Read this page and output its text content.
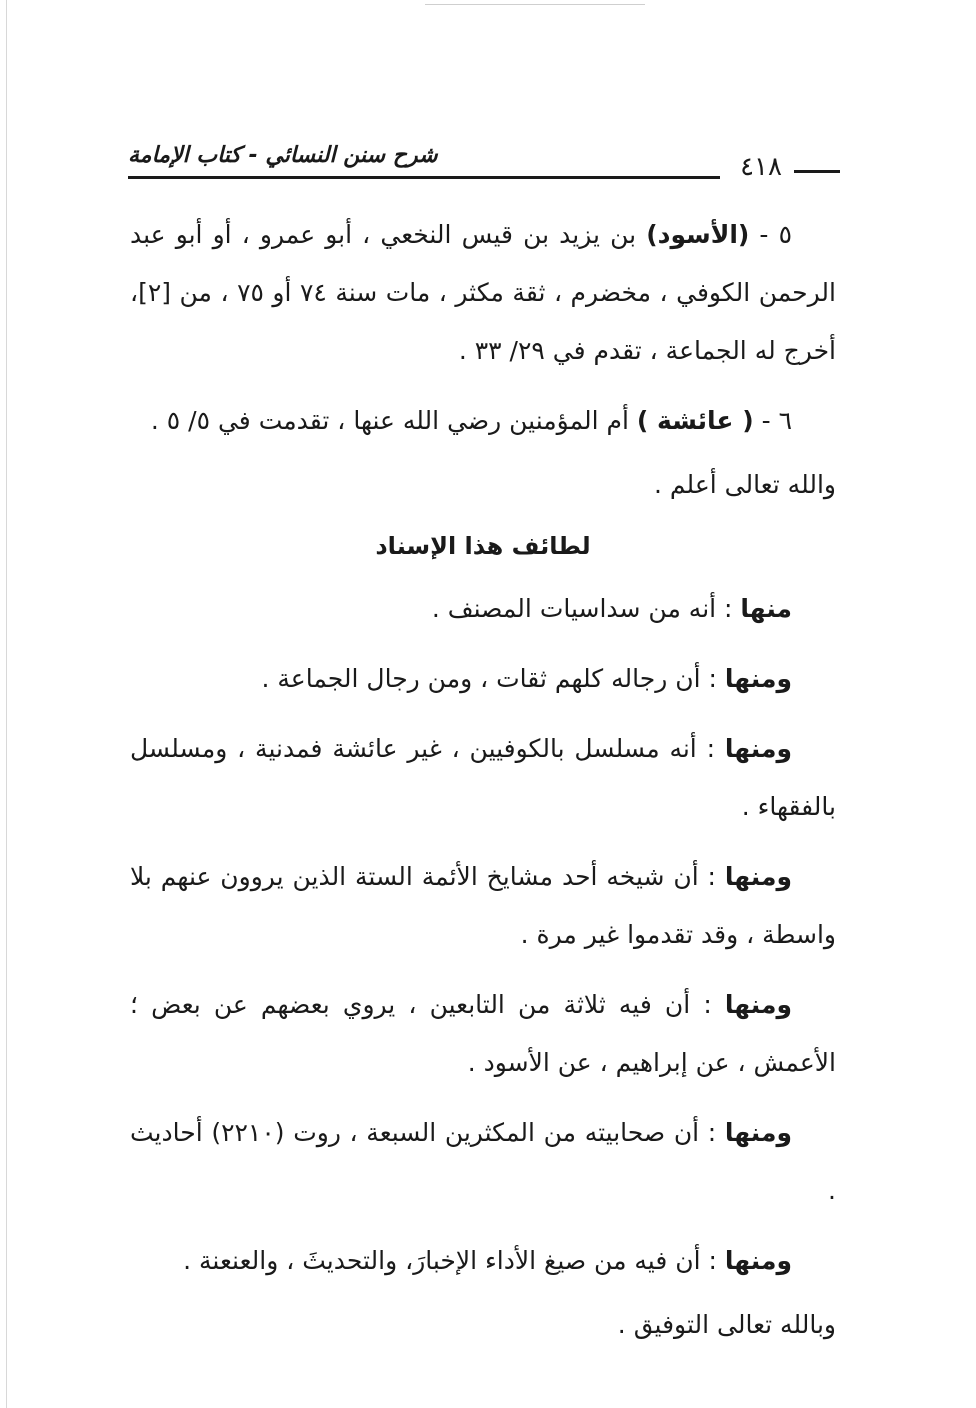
٤١٨
شرح سنن النسائي - كتاب الإمامة

٥ - (الأسود) بن يزيد بن قيس النخعي ، أبو عمرو ، أو أبو عبد الرحمن الكوفي ، مخضرم ، ثقة مكثر ، مات سنة ٧٤ أو ٧٥ ، من [٢]، أخرج له الجماعة ، تقدم في ٢٩/ ٣٣ .

٦ - ( عائشة ) أم المؤمنين رضي الله عنها ، تقدمت في ٥/ ٥ .

والله تعالى أعلم .

لطائف هذا الإسناد

منها : أنه من سداسيات المصنف .

ومنها : أن رجاله كلهم ثقات ، ومن رجال الجماعة .

ومنها : أنه مسلسل بالكوفيين ، غير عائشة فمدنية ، ومسلسل بالفقهاء .

ومنها : أن شيخه أحد مشايخ الأئمة الستة الذين يروون عنهم بلا واسطة ، وقد تقدموا غير مرة .

ومنها : أن فيه ثلاثة من التابعين ، يروي بعضهم عن بعض ؛ الأعمش ، عن إبراهيم ، عن الأسود .

ومنها : أن صحابيته من المكثرين السبعة ، روت (٢٢١٠) أحاديث .

ومنها : أن فيه من صيغ الأداء الإخبارَ، والتحديثَ ، والعنعنة .

وبالله تعالى التوفيق .
